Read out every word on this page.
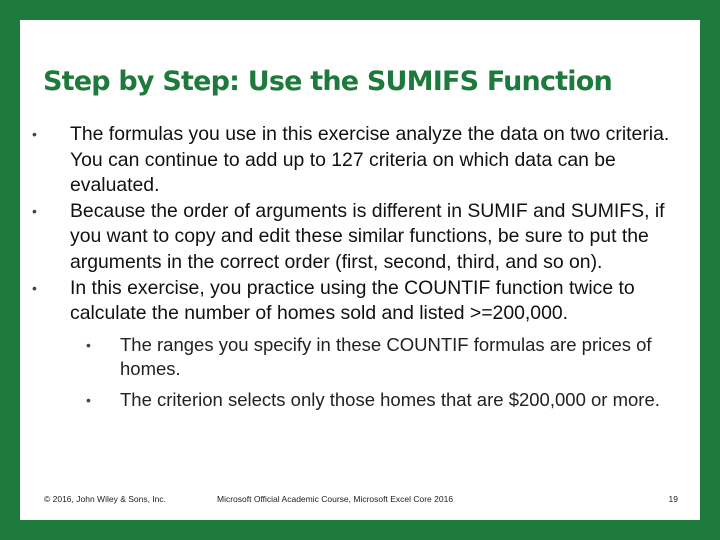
Step by Step: Use the SUMIFS Function
• The formulas you use in this exercise analyze the data on two criteria. You can continue to add up to 127 criteria on which data can be evaluated.
• Because the order of arguments is different in SUMIF and SUMIFS, if you want to copy and edit these similar functions, be sure to put the arguments in the correct order (first, second, third, and so on).
• In this exercise, you practice using the COUNTIF function twice to calculate the number of homes sold and listed >=200,000.
• The ranges you specify in these COUNTIF formulas are prices of homes.
• The criterion selects only those homes that are $200,000 or more.
© 2016, John Wiley & Sons, Inc.	Microsoft Official Academic Course, Microsoft Excel Core 2016	19
